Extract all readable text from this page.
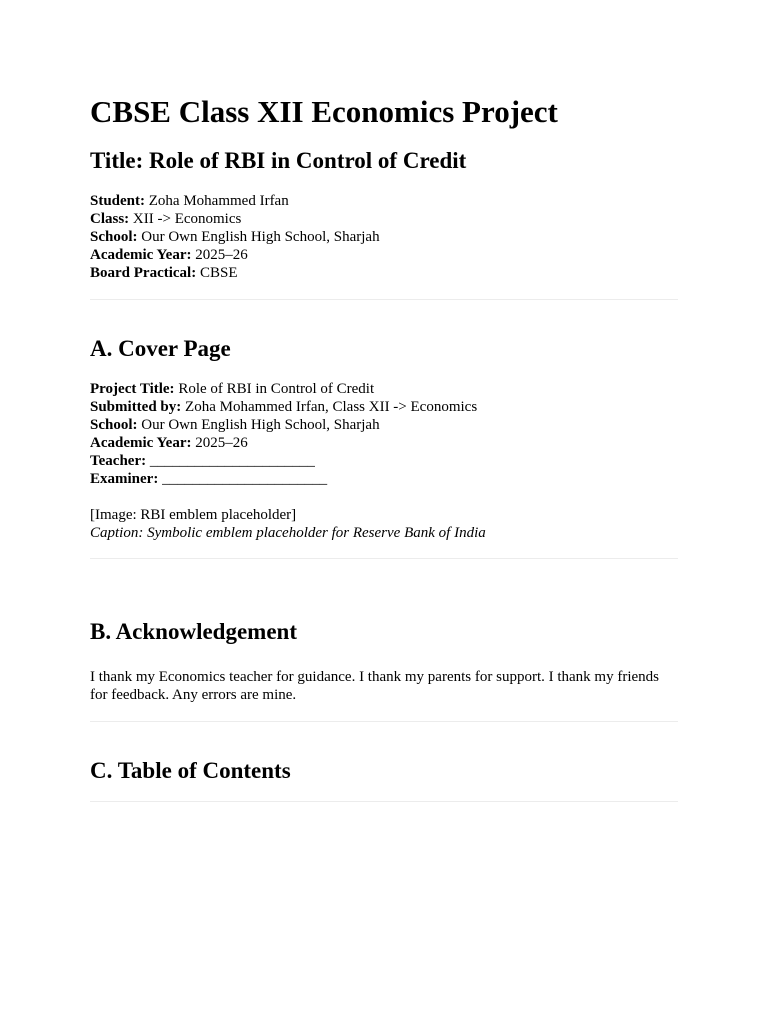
CBSE Class XII Economics Project
Title: Role of RBI in Control of Credit
Student: Zoha Mohammed Irfan
Class: XII -> Economics
School: Our Own English High School, Sharjah
Academic Year: 2025–26
Board Practical: CBSE
A. Cover Page
Project Title: Role of RBI in Control of Credit
Submitted by: Zoha Mohammed Irfan, Class XII -> Economics
School: Our Own English High School, Sharjah
Academic Year: 2025–26
Teacher: ______________________
Examiner: ______________________
[Image: RBI emblem placeholder]
Caption: Symbolic emblem placeholder for Reserve Bank of India
B. Acknowledgement

I thank my Economics teacher for guidance. I thank my parents for support. I thank my friends for feedback. Any errors are mine.

C. Table of Contents
